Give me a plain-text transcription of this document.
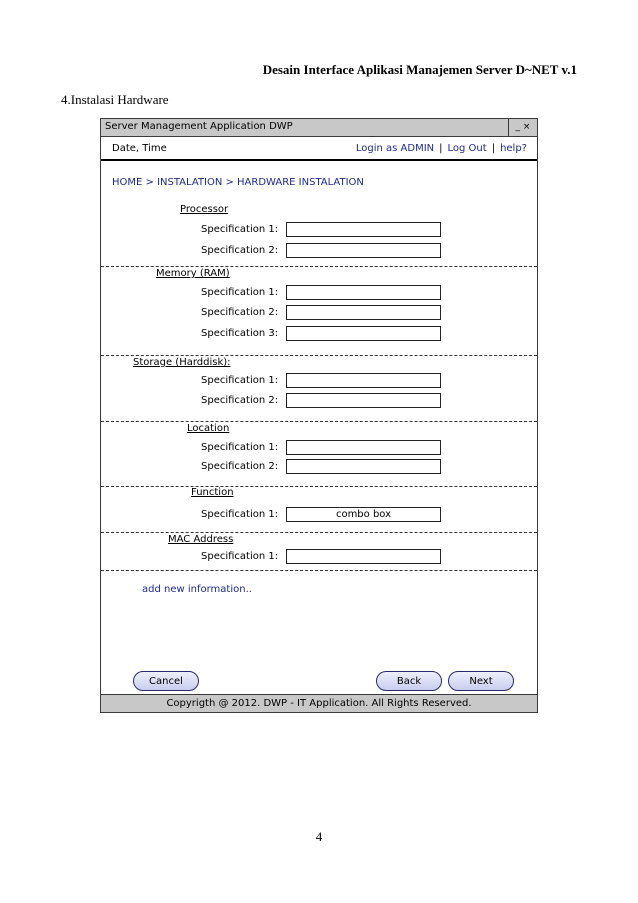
Desain Interface Aplikasi Manajemen Server D~NET v.1
4.Instalasi Hardware
Server Management Application DWP	_ ×
Date, Time	Login as ADMIN | Log Out | help?
HOME > INSTALATION > HARDWARE INSTALATION
Processor
Specification 1:
Specification 2:
Memory (RAM)
Specification 1:
Specification 2:
Specification 3:
Storage (Harddisk):
Specification 1:
Specification 2:
Location
Specification 1:
Specification 2:
Function
Specification 1:	combo box
MAC Address
Specification 1:
add new information..
Cancel	Back	Next
Copyrigth @ 2012. DWP - IT Application. All Rights Reserved.
4
